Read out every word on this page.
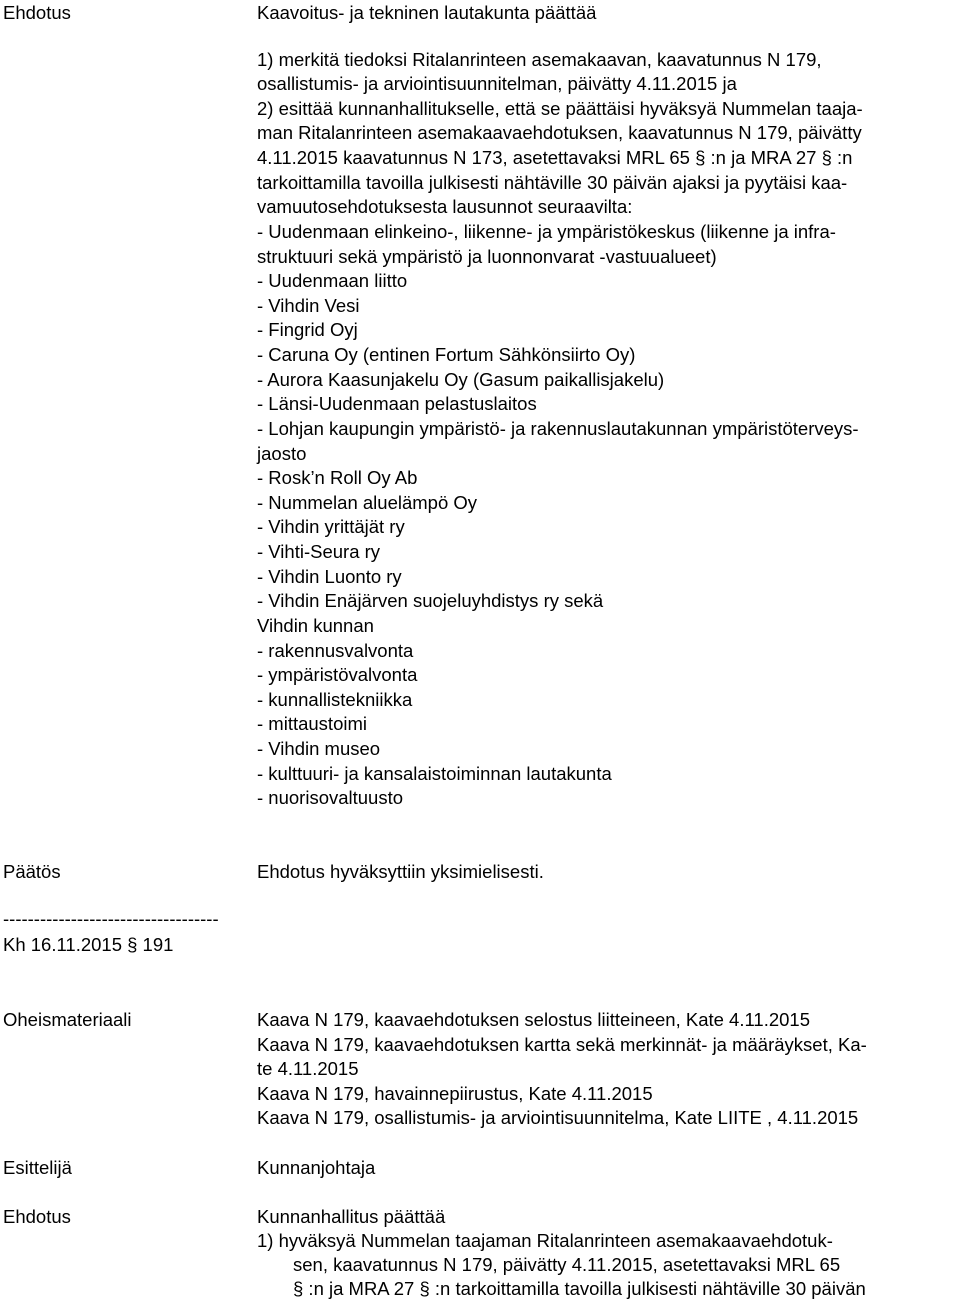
Ehdotus	Kaavoitus- ja tekninen lautakunta päättää
1) merkitä tiedoksi Ritalanrinteen asemakaavan, kaavatunnus N 179,
osallistumis- ja arviointisuunnitelman, päivätty 4.11.2015 ja
2) esittää kunnanhallitukselle, että se päättäisi hyväksyä Nummelan taaja-
man Ritalanrinteen asemakaavaehdotuksen, kaavatunnus N 179, päivätty
4.11.2015 kaavatunnus N 173, asetettavaksi MRL 65 § :n ja MRA 27 § :n
tarkoittamilla tavoilla julkisesti nähtäville 30 päivän ajaksi ja pyytäisi kaa-
vamuutosehdotuksesta lausunnot seuraavilta:
- Uudenmaan elinkeino-, liikenne- ja ympäristökeskus (liikenne ja infra-
struktuuri sekä ympäristö ja luonnonvarat -vastuualueet)
- Uudenmaan liitto
- Vihdin Vesi
- Fingrid Oyj
- Caruna Oy (entinen Fortum Sähkönsiirto Oy)
- Aurora Kaasunjakelu Oy (Gasum paikallisjakelu)
- Länsi-Uudenmaan pelastuslaitos
- Lohjan kaupungin ympäristö- ja rakennuslautakunnan ympäristöterveys-
jaosto
- Rosk’n Roll Oy Ab
- Nummelan aluelämpö Oy
- Vihdin yrittäjät ry
- Vihti-Seura ry
- Vihdin Luonto ry
- Vihdin Enäjärven suojeluyhdistys ry sekä
Vihdin kunnan
- rakennusvalvonta
- ympäristövalvonta
- kunnallistekniikka
- mittaustoimi
- Vihdin museo
- kulttuuri- ja kansalaistoiminnan lautakunta
- nuorisovaltuusto
Päätös	Ehdotus hyväksyttiin yksimielisesti.
-----------------------------------
Kh 16.11.2015 § 191
Oheismateriaali	Kaava N 179, kaavaehdotuksen selostus liitteineen, Kate 4.11.2015
Kaava N 179, kaavaehdotuksen kartta sekä merkinnät- ja määräykset, Ka-
te 4.11.2015
Kaava N 179, havainnepiirustus, Kate 4.11.2015
Kaava N 179, osallistumis- ja arviointisuunnitelma, Kate LIITE , 4.11.2015
Esittelijä	Kunnanjohtaja
Ehdotus	Kunnanhallitus päättää
1) hyväksyä Nummelan taajaman Ritalanrinteen asemakaavaehdotuk-
sen, kaavatunnus N 179, päivätty 4.11.2015, asetettavaksi MRL 65
§ :n ja MRA 27 § :n tarkoittamilla tavoilla julkisesti nähtäville 30 päivän
